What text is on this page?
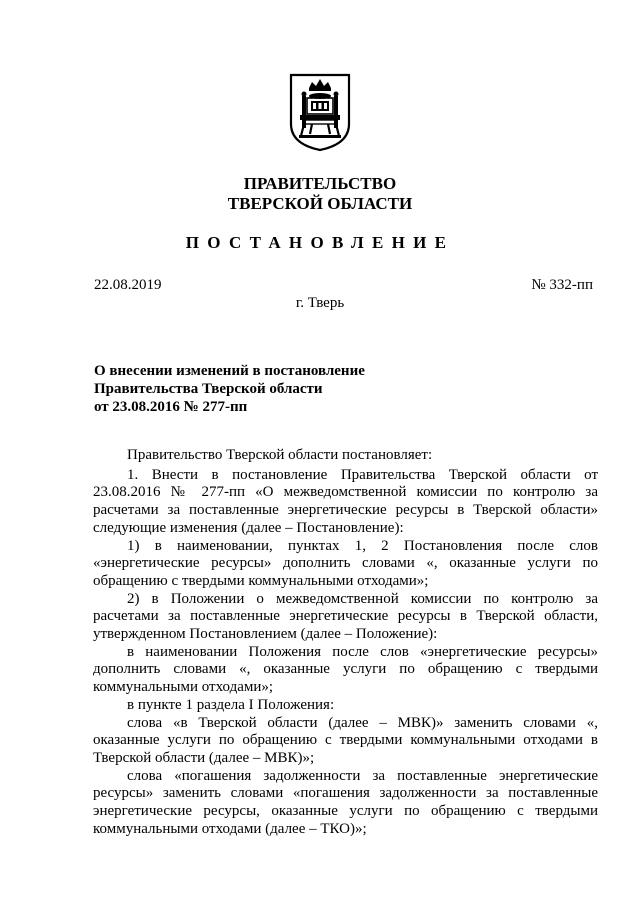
ПРАВИТЕЛЬСТВО
ТВЕРСКОЙ ОБЛАСТИ
ПОСТАНОВЛЕНИЕ
22.08.2019	№ 332-пп
г. Тверь
О внесении изменений в постановление
Правительства Тверской области
от 23.08.2016 № 277-пп

Правительство Тверской области постановляет:

1. Внести в постановление Правительства Тверской области от 23.08.2016 № 277-пп «О межведомственной комиссии по контролю за расчетами за поставленные энергетические ресурсы в Тверской области» следующие изменения (далее – Постановление):

1) в наименовании, пунктах 1, 2 Постановления после слов «энергетические ресурсы» дополнить словами «, оказанные услуги по обращению с твердыми коммунальными отходами»;

2) в Положении о межведомственной комиссии по контролю за расчетами за поставленные энергетические ресурсы в Тверской области, утвержденном Постановлением (далее – Положение):

в наименовании Положения после слов «энергетические ресурсы» дополнить словами «, оказанные услуги по обращению с твердыми коммунальными отходами»;

в пункте 1 раздела I Положения:

слова «в Тверской области (далее – МВК)» заменить словами «, оказанные услуги по обращению с твердыми коммунальными отходами в Тверской области (далее – МВК)»;

слова «погашения задолженности за поставленные энергетические ресурсы» заменить словами «погашения задолженности за поставленные энергетические ресурсы, оказанные услуги по обращению с твердыми коммунальными отходами (далее – ТКО)»;
